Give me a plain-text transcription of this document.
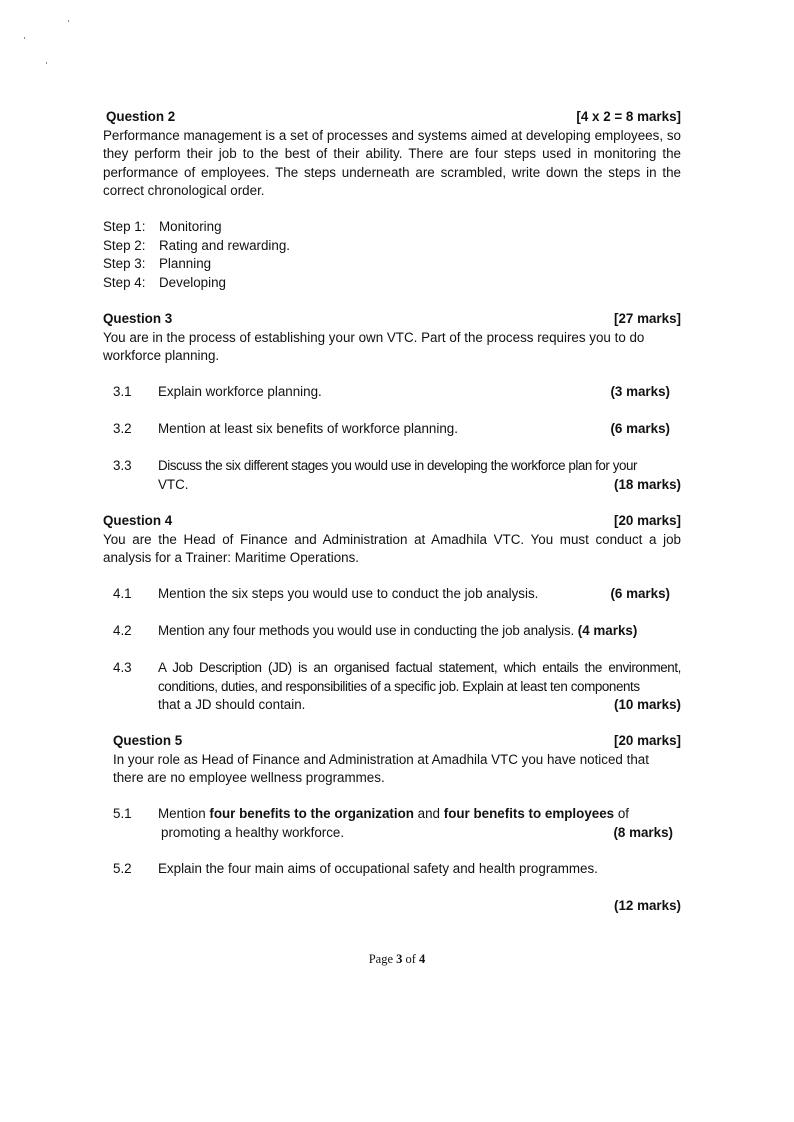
Question 2	[4 x 2 = 8 marks]

Performance management is a set of processes and systems aimed at developing employees, so they perform their job to the best of their ability. There are four steps used in monitoring the performance of employees. The steps underneath are scrambled, write down the steps in the correct chronological order.

Step 1:	Monitoring
Step 2:	Rating and rewarding.
Step 3:	Planning
Step 4:	Developing
Question 3	[27 marks]

You are in the process of establishing your own VTC. Part of the process requires you to do workforce planning.

3.1	Explain workforce planning.	(3 marks)
3.2	Mention at least six benefits of workforce planning.	(6 marks)
3.3	Discuss the six different stages you would use in developing the workforce plan for your
VTC.	(18 marks)
Question 4	[20 marks]

You are the Head of Finance and Administration at Amadhila VTC. You must conduct a job analysis for a Trainer: Maritime Operations.

4.1	Mention the six steps you would use to conduct the job analysis.	(6 marks)
4.2	Mention any four methods you would use in conducting the job analysis. (4 marks)
4.3	A Job Description (JD) is an organised factual statement, which entails the environment, conditions, duties, and responsibilities of a specific job. Explain at least ten components
that a JD should contain.	(10 marks)
Question 5	[20 marks]

In your role as Head of Finance and Administration at Amadhila VTC you have noticed that there are no employee wellness programmes.

5.1	Mention four benefits to the organization and four benefits to employees of
promoting a healthy workforce.	(8 marks)
5.2	Explain the four main aims of occupational safety and health programmes.
(12 marks)
Page 3 of 4
